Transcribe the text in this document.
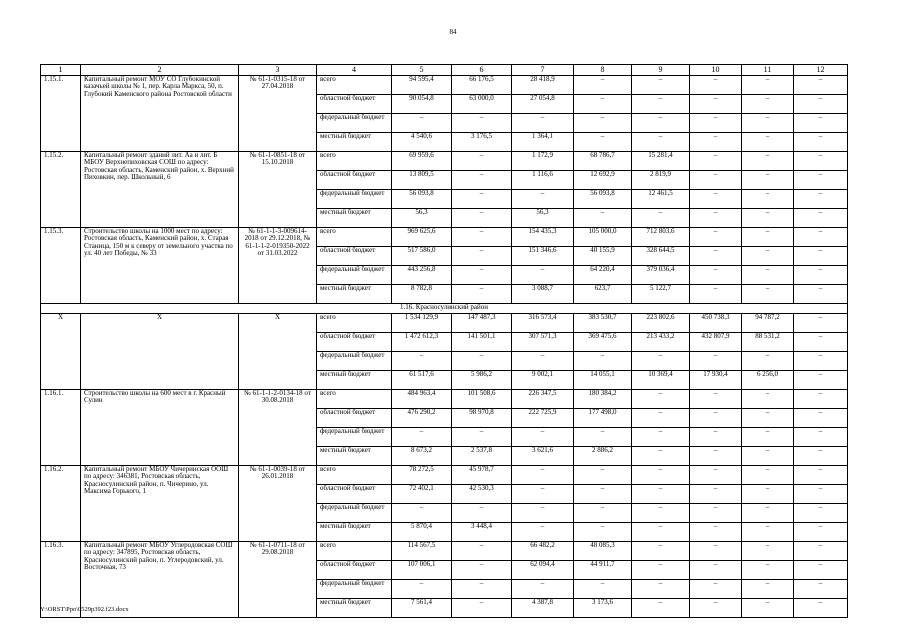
84
1	2	3	4	5	6	7	8	9	10	11	12
1.15.1.	Капитальный ремонт МОУ СО Глубокинской казачьей школы № 1, пер. Карла Маркса, 50, п. Глубокий Каменского района Ростовской области	№ 61-1-0315-18 от 27.04.2018	всего	94 595,4	66 176,5	28 418,9	–	–	–	–	–
			областной бюджет	90 054,8	63 000,0	27 054,8	–	–	–	–	–
			федеральный бюджет	–	–	–	–	–	–	–	–
			местный бюджет	4 540,6	3 176,5	1 364,1	–	–	–	–	–
1.15.2.	Капитальный ремонт зданий лит. Аа и лит. Б МБОУ Верхнепиховская СОШ по адресу: Ростовская область, Каменский район, х. Верхний Пиховкин, пер. Школьный, 6	№ 61-1-0851-18 от 15.10.2018	всего	69 959,6	–	1 172,9	68 786,7	15 281,4	–	–	–
			областной бюджет	13 809,5	–	1 116,6	12 692,9	2 819,9	–	–	–
			федеральный бюджет	56 093,8	–	–	56 093,8	12 461,5	–	–	–
			местный бюджет	56,3	–	56,3	–	–	–	–	–
1.15.3.	Строительство школы на 1000 мест по адресу: Ростовская область, Каменский район, х. Старая Станица, 150 м к северу от земельного участка по ул. 40 лет Победы, № 33	№ 61-1-1-3-009614-2018 от 29.12.2018, № 61-1-1-2-019350-2022 от 31.03.2022	всего	969 625,6	–	154 435,3	105 000,0	712 803,6	–	–	–
			областной бюджет	517 586,0	–	151 346,6	40 155,9	328 644,5	–	–	–
			федеральный бюджет	443 256,8	–	–	64 220,4	379 036,4	–	–	–
			местный бюджет	8 782,8	–	3 088,7	623,7	5 122,7	–	–	–
1.16. Красносулинский район											
Х	Х	Х	всего	1 534 129,9	147 487,3	316 573,4	383 530,7	223 802,6	450 738,3	94 787,2	–
			областной бюджет	1 472 612,3	141 501,1	307 571,3	369 475,6	213 433,2	432 807,9	88 531,2	–
			федеральный бюджет	–	–	–	–	–	–	–	–
			местный бюджет	61 517,6	5 986,2	9 002,1	14 055,1	10 369,4	17 930,4	6 256,0	–
1.16.1.	Строительство школы на 600 мест в г. Красный Сулин	№ 61-1-1-2-0134-18 от 30.08.2018	всего	484 963,4	101 508,6	226 347,5	180 384,2	–	–	–	–
			областной бюджет	476 290,2	98 970,8	222 725,9	177 498,0	–	–	–	–
			федеральный бюджет	–	–	–	–	–	–	–	–
			местный бюджет	8 673,2	2 537,8	3 621,6	2 886,2	–	–	–	–
1.16.2.	Капитальный ремонт МБОУ Чичеринская ООШ по адресу: 346381, Ростовская область, Красносулинский район, п. Чичерино, ул. Максима Горького, 1	№ 61-1-0039-18 от 26.01.2018	всего	78 272,5	45 978,7	–	–	–	–	–	–
			областной бюджет	72 402,1	42 530,3	–	–	–	–	–	–
			федеральный бюджет	–	–	–	–	–	–	–	–
			местный бюджет	5 870,4	3 448,4	–	–	–	–	–	–
1.16.3.	Капитальный ремонт МБОУ Углеродовская СОШ по адресу: 347895, Ростовская область, Красносулинский район, п. Углеродовский, ул. Восточная, 73	№ 61-1-0711-18 от 29.08.2018	всего	114 567,5	–	66 482,2	48 085,3	–	–	–	–
			областной бюджет	107 006,1	–	62 094,4	44 911,7	–	–	–	–
			федеральный бюджет	–	–	–	–	–	–	–	–
			местный бюджет	7 561,4	–	4 387,8	3 173,6	–	–	–	–
Y:\ORST\Ppo\0529p392.f23.docx
